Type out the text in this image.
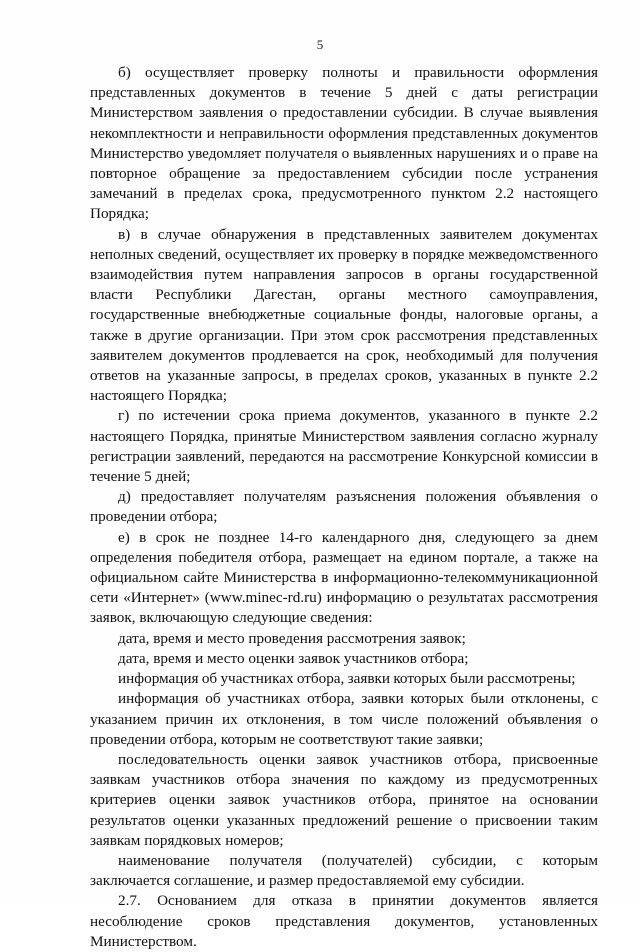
5

б) осуществляет проверку полноты и правильности оформления представленных документов в течение 5 дней с даты регистрации Министерством заявления о предоставлении субсидии. В случае выявления некомплектности и неправильности оформления представленных документов Министерство уведомляет получателя о выявленных нарушениях и о праве на повторное обращение за предоставлением субсидии после устранения замечаний в пределах срока, предусмотренного пунктом 2.2 настоящего Порядка;

в) в случае обнаружения в представленных заявителем документах неполных сведений, осуществляет их проверку в порядке межведомственного взаимодействия путем направления запросов в органы государственной власти Республики Дагестан, органы местного самоуправления, государственные внебюджетные социальные фонды, налоговые органы, а также в другие организации. При этом срок рассмотрения представленных заявителем документов продлевается на срок, необходимый для получения ответов на указанные запросы, в пределах сроков, указанных в пункте 2.2 настоящего Порядка;

г) по истечении срока приема документов, указанного в пункте 2.2 настоящего Порядка, принятые Министерством заявления согласно журналу регистрации заявлений, передаются на рассмотрение Конкурсной комиссии в течение 5 дней;

д) предоставляет получателям разъяснения положения объявления о проведении отбора;

е) в срок не позднее 14-го календарного дня, следующего за днем определения победителя отбора, размещает на едином портале, а также на официальном сайте Министерства в информационно-телекоммуникационной сети «Интернет» (www.minec-rd.ru) информацию о результатах рассмотрения заявок, включающую следующие сведения:

дата, время и место проведения рассмотрения заявок;

дата, время и место оценки заявок участников отбора;

информация об участниках отбора, заявки которых были рассмотрены;

информация об участниках отбора, заявки которых были отклонены, с указанием причин их отклонения, в том числе положений объявления о проведении отбора, которым не соответствуют такие заявки;

последовательность оценки заявок участников отбора, присвоенные заявкам участников отбора значения по каждому из предусмотренных критериев оценки заявок участников отбора, принятое на основании результатов оценки указанных предложений решение о присвоении таким заявкам порядковых номеров;

наименование получателя (получателей) субсидии, с которым заключается соглашение, и размер предоставляемой ему субсидии.

2.7. Основанием для отказа в принятии документов является несоблюдение сроков представления документов, установленных Министерством.
